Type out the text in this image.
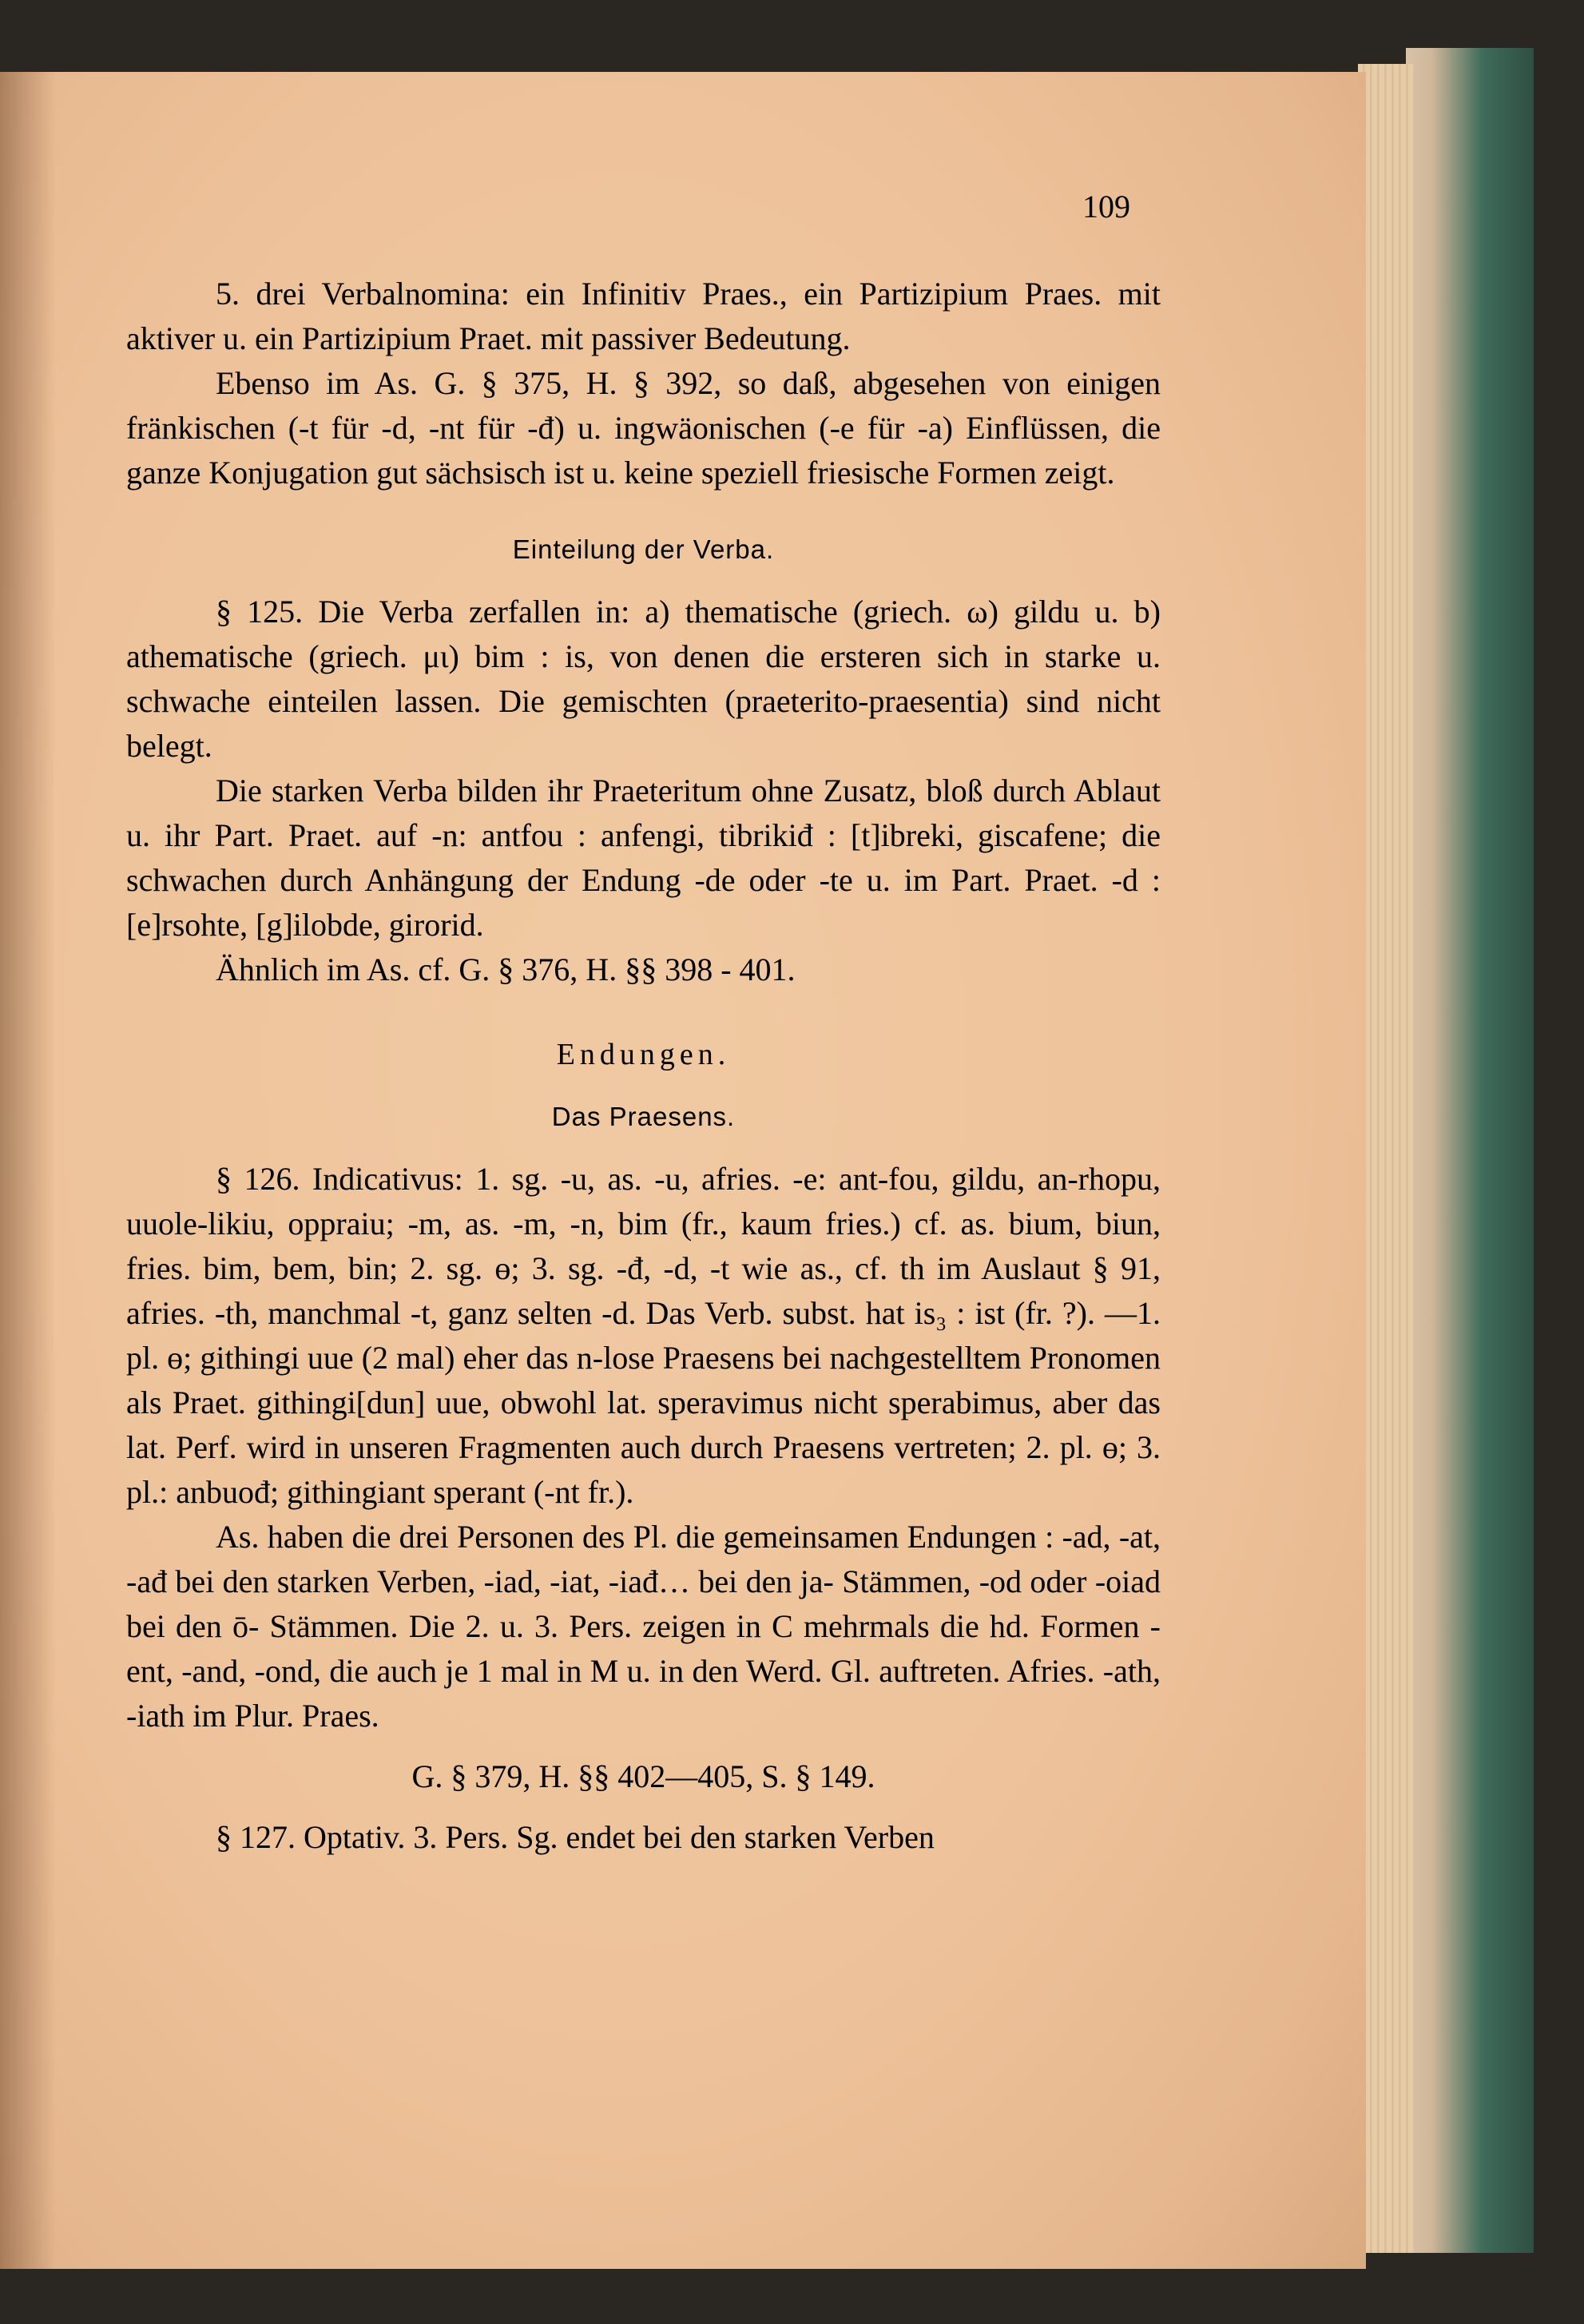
109

5. drei Verbalnomina: ein Infinitiv Praes., ein Partizipium Praes. mit aktiver u. ein Partizipium Praet. mit passiver Bedeutung.

Ebenso im As. G. § 375, H. § 392, so daß, abgesehen von einigen fränkischen (-t für -d, -nt für -đ) u. ingwäonischen (-e für -a) Einflüssen, die ganze Konjugation gut sächsisch ist u. keine speziell friesische Formen zeigt.

Einteilung der Verba.

§ 125. Die Verba zerfallen in: a) thematische (griech. ω) gildu u. b) athematische (griech. μι) bim : is, von denen die ersteren sich in starke u. schwache einteilen lassen. Die gemischten (praeterito-praesentia) sind nicht belegt.

Die starken Verba bilden ihr Praeteritum ohne Zusatz, bloß durch Ablaut u. ihr Part. Praet. auf -n: antfou : anfengi, tibrikiđ : [t]ibreki, giscafene; die schwachen durch Anhängung der Endung -de oder -te u. im Part. Praet. -d : [e]rsohte, [g]ilobde, girorid.

Ähnlich im As. cf. G. § 376, H. §§ 398 - 401.

Endungen.
Das Praesens.

§ 126. Indicativus: 1. sg. -u, as. -u, afries. -e: ant-fou, gildu, an-rhopu, uuole-likiu, oppraiu; -m, as. -m, -n, bim (fr., kaum fries.) cf. as. bium, biun, fries. bim, bem, bin; 2. sg. ɵ; 3. sg. -đ, -d, -t wie as., cf. th im Auslaut § 91, afries. -th, manchmal -t, ganz selten -d. Das Verb. subst. hat is₃ : ist (fr. ?). —1. pl. ɵ; githingi uue (2 mal) eher das n-lose Praesens bei nachgestelltem Pronomen als Praet. githingi[dun] uue, obwohl lat. speravimus nicht sperabimus, aber das lat. Perf. wird in unseren Fragmenten auch durch Praesens vertreten; 2. pl. ɵ; 3. pl.: anbuođ; githingiant sperant (-nt fr.).

As. haben die drei Personen des Pl. die gemeinsamen Endungen : -ad, -at, -ađ bei den starken Verben, -iad, -iat, -iađ… bei den ja- Stämmen, -od oder -oiad bei den ō- Stämmen. Die 2. u. 3. Pers. zeigen in C mehrmals die hd. Formen -ent, -and, -ond, die auch je 1 mal in M u. in den Werd. Gl. auftreten. Afries. -ath, -iath im Plur. Praes.

G. § 379, H. §§ 402—405, S. § 149.

§ 127. Optativ. 3. Pers. Sg. endet bei den starken Verben
